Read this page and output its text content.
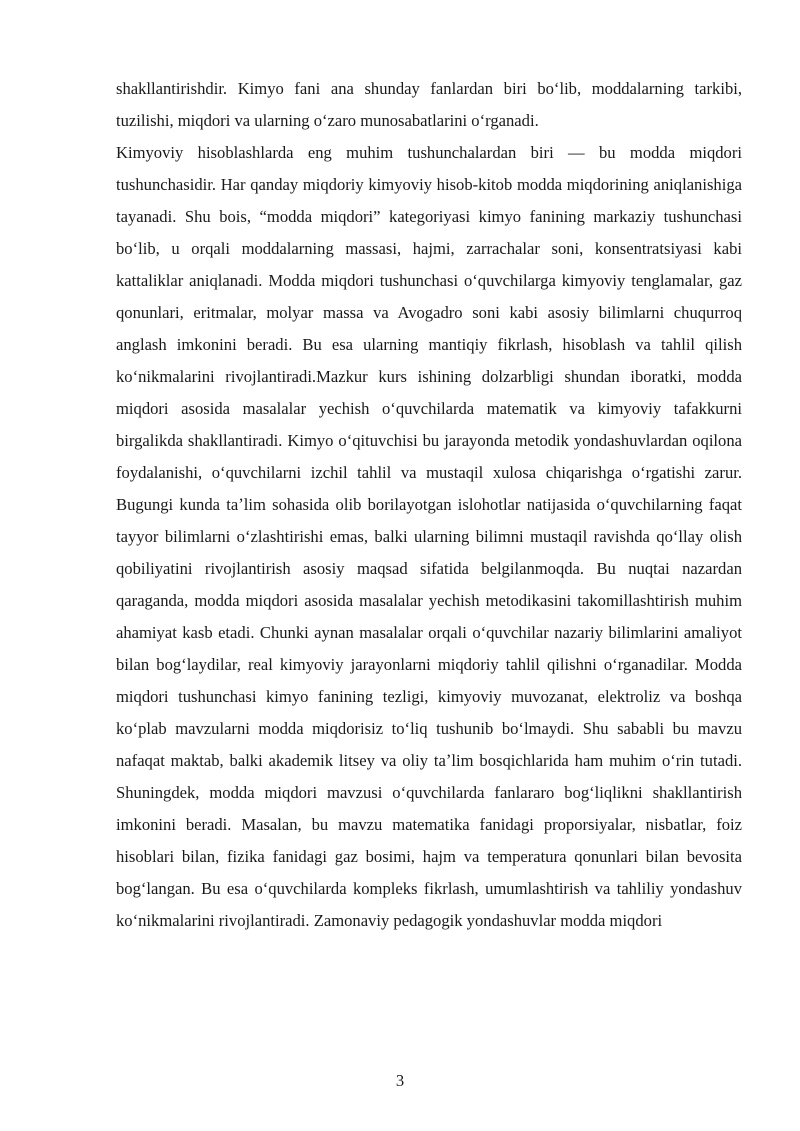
shakllantirishdir. Kimyo fani ana shunday fanlardan biri boʻlib, moddalarning tarkibi, tuzilishi, miqdori va ularning oʻzaro munosabatlarini oʻrganadi.

Kimyoviy hisoblashlarda eng muhim tushunchalardan biri — bu modda miqdori tushunchasidir. Har qanday miqdoriy kimyoviy hisob-kitob modda miqdorining aniqlanishiga tayanadi. Shu bois, “modda miqdori” kategoriyasi kimyo fanining markaziy tushunchasi boʻlib, u orqali moddalarning massasi, hajmi, zarrachalar soni, konsentratsiyasi kabi kattaliklar aniqlanadi. Modda miqdori tushunchasi oʻquvchilarga kimyoviy tenglamalar, gaz qonunlari, eritmalar, molyar massa va Avogadro soni kabi asosiy bilimlarni chuqurroq anglash imkonini beradi. Bu esa ularning mantiqiy fikrlash, hisoblash va tahlil qilish koʻnikmalarini rivojlantiradi.Mazkur kurs ishining dolzarbligi shundan iboratki, modda miqdori asosida masalalar yechish oʻquvchilarda matematik va kimyoviy tafakkurni birgalikda shakllantiradi. Kimyo oʻqituvchisi bu jarayonda metodik yondashuvlardan oqilona foydalanishi, oʻquvchilarni izchil tahlil va mustaqil xulosa chiqarishga oʻrgatishi zarur. Bugungi kunda taʼlim sohasida olib borilayotgan islohotlar natijasida oʻquvchilarning faqat tayyor bilimlarni oʻzlashtirishi emas, balki ularning bilimni mustaqil ravishda qoʻllay olish qobiliyatini rivojlantirish asosiy maqsad sifatida belgilanmoqda. Bu nuqtai nazardan qaraganda, modda miqdori asosida masalalar yechish metodikasini takomillashtirish muhim ahamiyat kasb etadi. Chunki aynan masalalar orqali oʻquvchilar nazariy bilimlarini amaliyot bilan bogʻlaydilar, real kimyoviy jarayonlarni miqdoriy tahlil qilishni oʻrganadilar. Modda miqdori tushunchasi kimyo fanining tezligi, kimyoviy muvozanat, elektroliz va boshqa koʻplab mavzularni modda miqdorisiz toʻliq tushunib boʻlmaydi. Shu sababli bu mavzu nafaqat maktab, balki akademik litsey va oliy taʼlim bosqichlarida ham muhim oʻrin tutadi. Shuningdek, modda miqdori mavzusi oʻquvchilarda fanlararo bogʻliqlikni shakllantirish imkonini beradi. Masalan, bu mavzu matematika fanidagi proporsiyalar, nisbatlar, foiz hisoblari bilan, fizika fanidagi gaz bosimi, hajm va temperatura qonunlari bilan bevosita bogʻlangan. Bu esa oʻquvchilarda kompleks fikrlash, umumlashtirish va tahliliy yondashuv koʻnikmalarini rivojlantiradi. Zamonaviy pedagogik yondashuvlar modda miqdori

3
